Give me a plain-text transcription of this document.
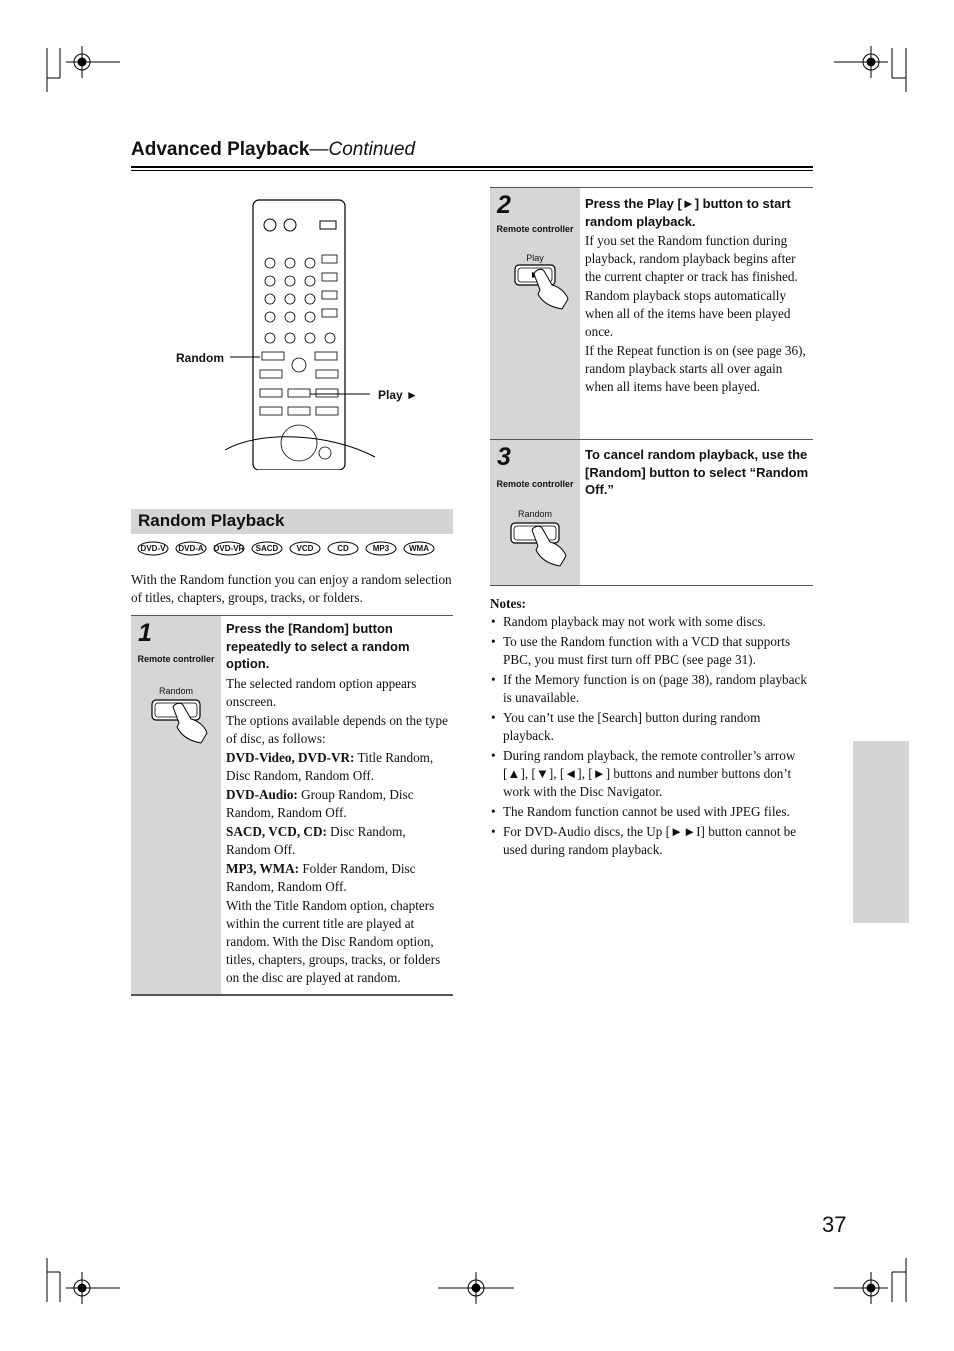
Advanced Playback—Continued
Random
Play ►
Random Playback
DVD-V	DVD-A	DVD-VR	SACD	VCD	CD	MP3	WMA
With the Random function you can enjoy a random selection of titles, chapters, groups, tracks, or folders.
1
Remote controller
Random
Press the [Random] button repeatedly to select a random option.

The selected random option appears onscreen.

The options available depends on the type of disc, as follows:

DVD-Video, DVD-VR: Title Random, Disc Random, Random Off.

DVD-Audio: Group Random, Disc Random, Random Off.

SACD, VCD, CD: Disc Random, Random Off.

MP3, WMA: Folder Random, Disc Random, Random Off.

With the Title Random option, chapters within the current title are played at random. With the Disc Random option, titles, chapters, groups, tracks, or folders on the disc are played at random.

2
Remote controller
Play
Press the Play [►] button to start random playback.

If you set the Random function during playback, random playback begins after the current chapter or track has finished.

Random playback stops automatically when all of the items have been played once.

If the Repeat function is on (see page 36), random playback starts all over again when all items have been played.

3
Remote controller
Random
To cancel random playback, use the [Random] button to select “Random Off.”
Notes:
• Random playback may not work with some discs.
• To use the Random function with a VCD that supports PBC, you must first turn off PBC (see page 31).
• If the Memory function is on (page 38), random playback is unavailable.
• You can’t use the [Search] button during random playback.
• During random playback, the remote controller’s arrow [▲], [▼], [◄], [►] buttons and number buttons don’t work with the Disc Navigator.
• The Random function cannot be used with JPEG files.
• For DVD-Audio discs, the Up [►►I] button cannot be used during random playback.
37
